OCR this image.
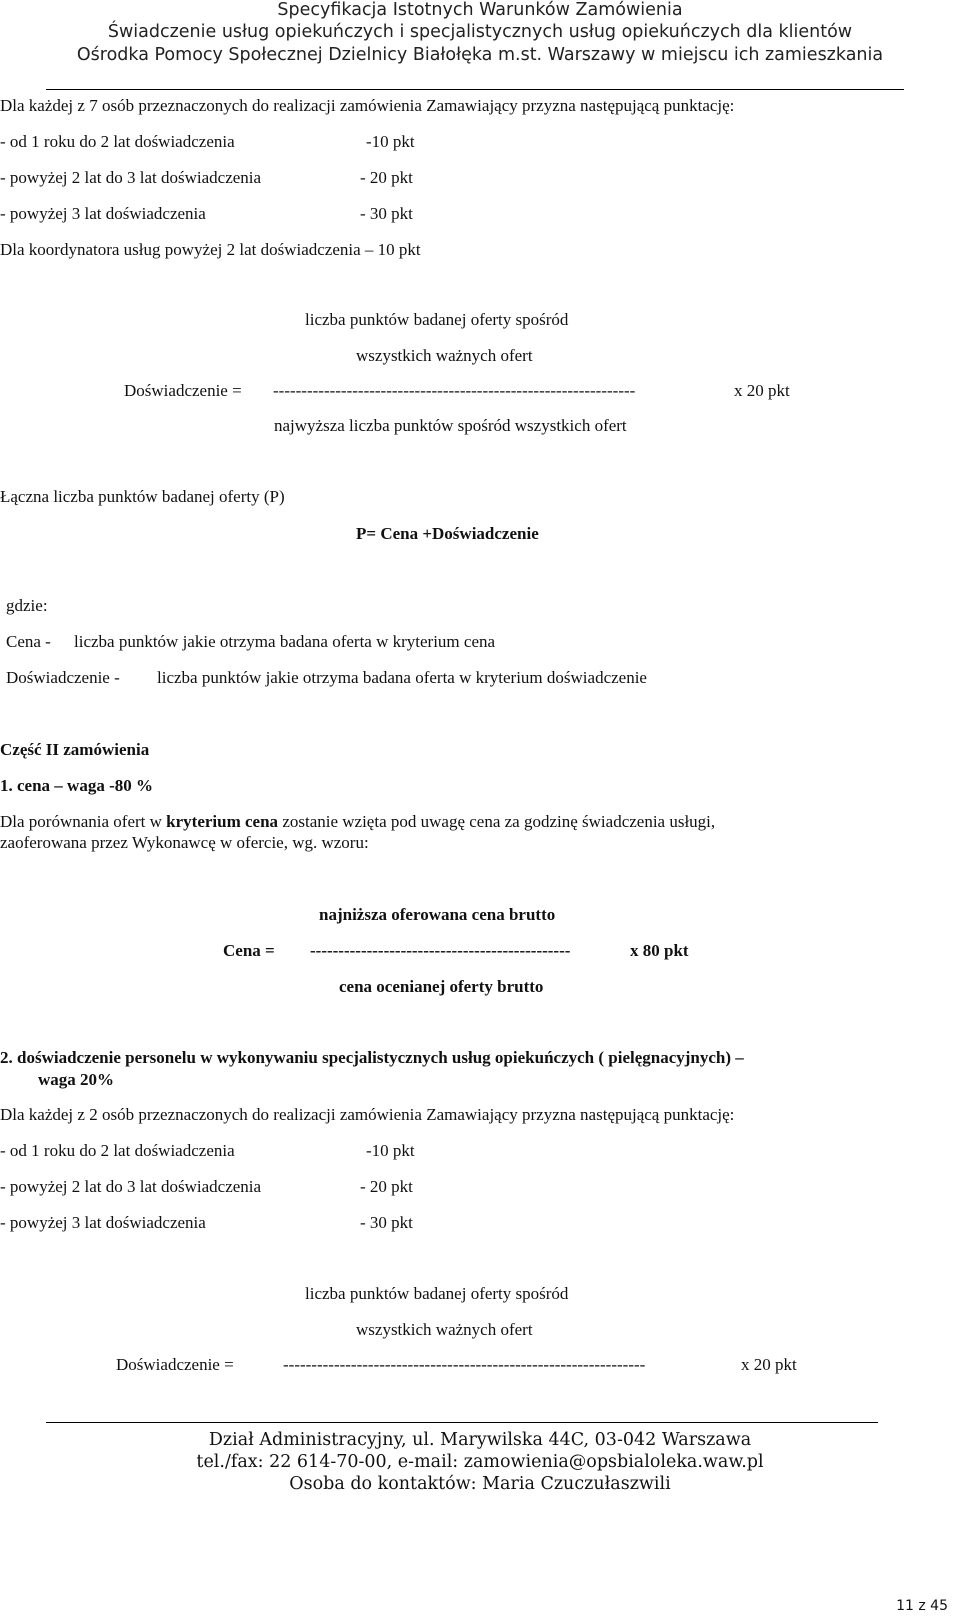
Specyfikacja Istotnych Warunków Zamówienia
Świadczenie usług opiekuńczych i specjalistycznych usług opiekuńczych dla klientów
Ośrodka Pomocy Społecznej Dzielnicy Białołęka m.st. Warszawy w miejscu ich zamieszkania
Dla każdej z 7 osób przeznaczonych do realizacji zamówienia Zamawiający przyzna następującą punktację:
- od 1 roku do 2 lat doświadczenia	-10 pkt
- powyżej 2 lat do 3 lat doświadczenia	- 20 pkt
- powyżej 3 lat doświadczenia	- 30 pkt
Dla koordynatora usług powyżej 2 lat doświadczenia – 10 pkt
liczba punktów badanej oferty spośród
wszystkich ważnych ofert
Doświadczenie = ----------------------------------------------------------------	x 20 pkt
najwyższa liczba punktów spośród wszystkich ofert
Łączna liczba punktów badanej oferty (P)
P= Cena +Doświadczenie
gdzie:
Cena - liczba punktów jakie otrzyma badana oferta w kryterium cena
Doświadczenie - liczba punktów jakie otrzyma badana oferta w kryterium doświadczenie
Część II zamówienia
1. cena – waga -80 %
Dla porównania ofert w kryterium cena zostanie wzięta pod uwagę cena za godzinę świadczenia usługi,
zaoferowana przez Wykonawcę w ofercie, wg. wzoru:
najniższa oferowana cena brutto
Cena = ----------------------------------------------	x 80 pkt
cena ocenianej oferty brutto
2. doświadczenie personelu w wykonywaniu specjalistycznych usług opiekuńczych ( pielęgnacyjnych) –
waga 20%
Dla każdej z 2 osób przeznaczonych do realizacji zamówienia Zamawiający przyzna następującą punktację:
- od 1 roku do 2 lat doświadczenia	-10 pkt
- powyżej 2 lat do 3 lat doświadczenia	- 20 pkt
- powyżej 3 lat doświadczenia	- 30 pkt
liczba punktów badanej oferty spośród
wszystkich ważnych ofert
Doświadczenie =	----------------------------------------------------------------	x 20 pkt
Dział Administracyjny, ul. Marywilska 44C, 03-042 Warszawa
tel./fax: 22 614-70-00, e-mail: zamowienia@opsbialoleka.waw.pl
Osoba do kontaktów: Maria Czuczułaszwili
11 z 45
